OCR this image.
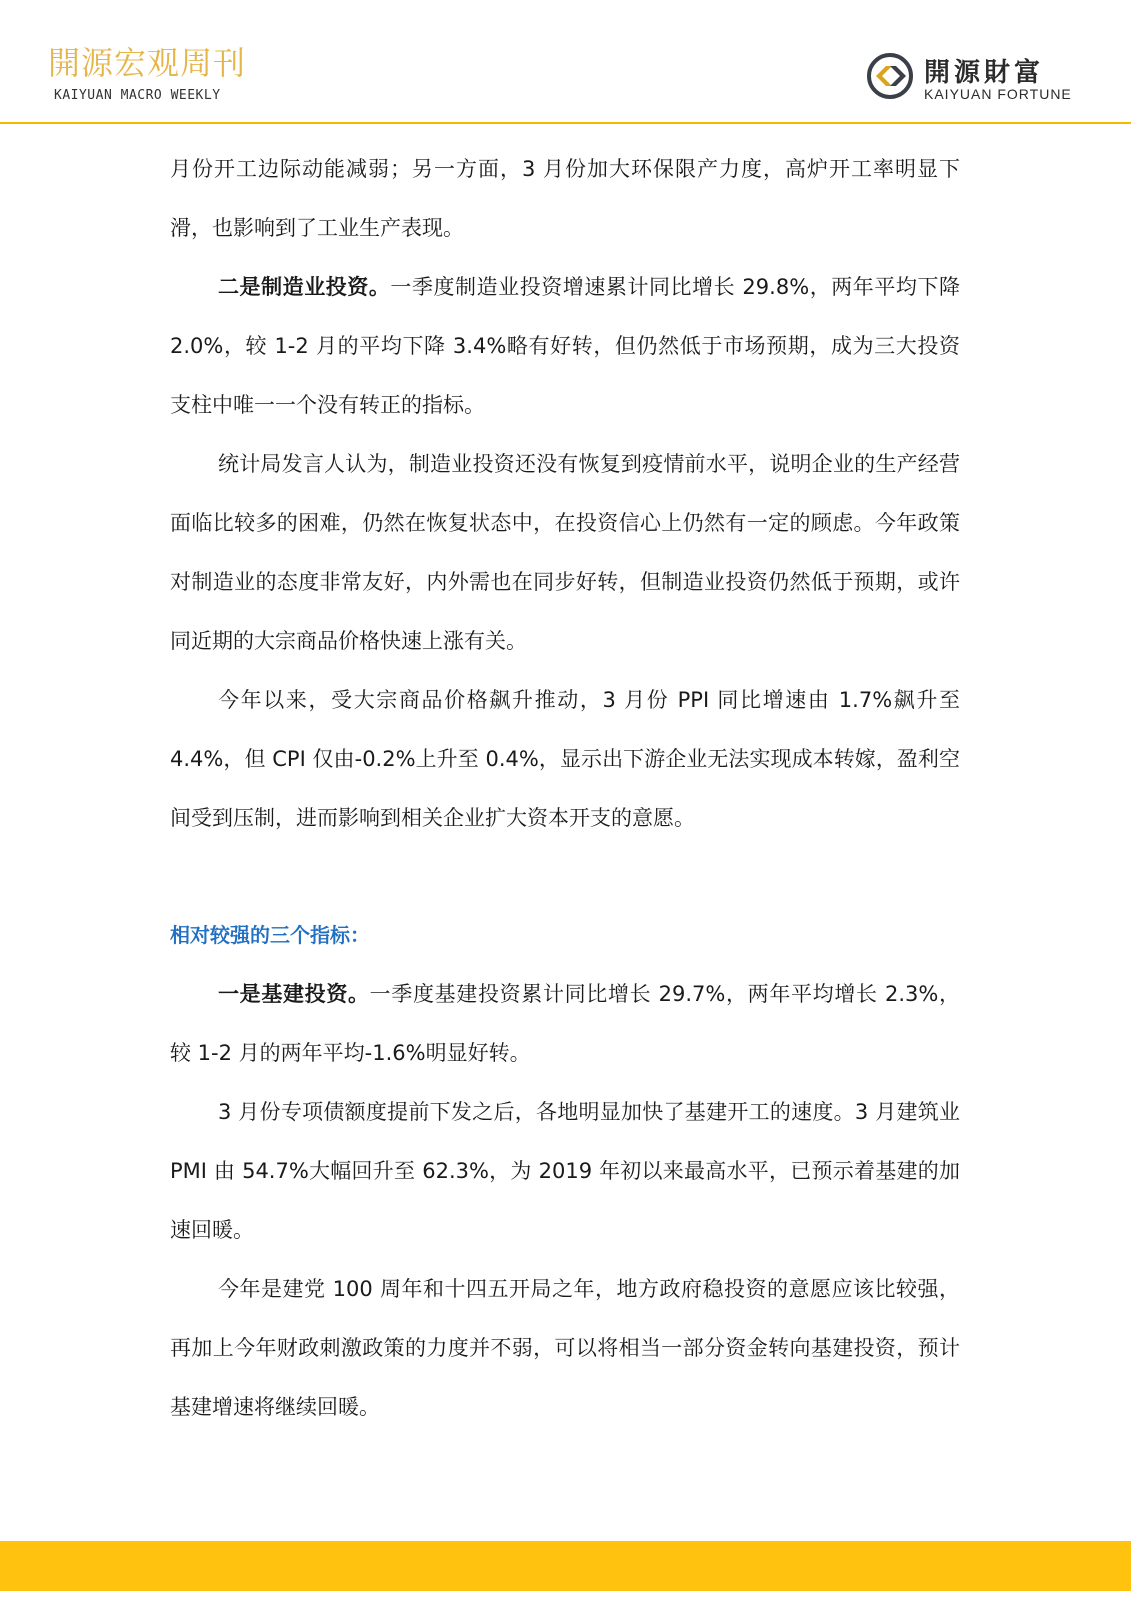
開源宏观周刊
KAIYUAN MACRO WEEKLY
開源財富
KAIYUAN FORTUNE

月份开工边际动能减弱；另一方面，3 月份加大环保限产力度，高炉开工率明显下滑，也影响到了工业生产表现。

二是制造业投资。一季度制造业投资增速累计同比增长 29.8%，两年平均下降 2.0%，较 1-2 月的平均下降 3.4%略有好转，但仍然低于市场预期，成为三大投资支柱中唯一一个没有转正的指标。

统计局发言人认为，制造业投资还没有恢复到疫情前水平，说明企业的生产经营面临比较多的困难，仍然在恢复状态中，在投资信心上仍然有一定的顾虑。今年政策对制造业的态度非常友好，内外需也在同步好转，但制造业投资仍然低于预期，或许同近期的大宗商品价格快速上涨有关。

今年以来，受大宗商品价格飙升推动，3 月份 PPI 同比增速由 1.7%飙升至 4.4%，但 CPI 仅由-0.2%上升至 0.4%，显示出下游企业无法实现成本转嫁，盈利空间受到压制，进而影响到相关企业扩大资本开支的意愿。

相对较强的三个指标：

一是基建投资。一季度基建投资累计同比增长 29.7%，两年平均增长 2.3%，较 1-2 月的两年平均-1.6%明显好转。

3 月份专项债额度提前下发之后，各地明显加快了基建开工的速度。3 月建筑业 PMI 由 54.7%大幅回升至 62.3%，为 2019 年初以来最高水平，已预示着基建的加速回暖。

今年是建党 100 周年和十四五开局之年，地方政府稳投资的意愿应该比较强，再加上今年财政刺激政策的力度并不弱，可以将相当一部分资金转向基建投资，预计基建增速将继续回暖。
